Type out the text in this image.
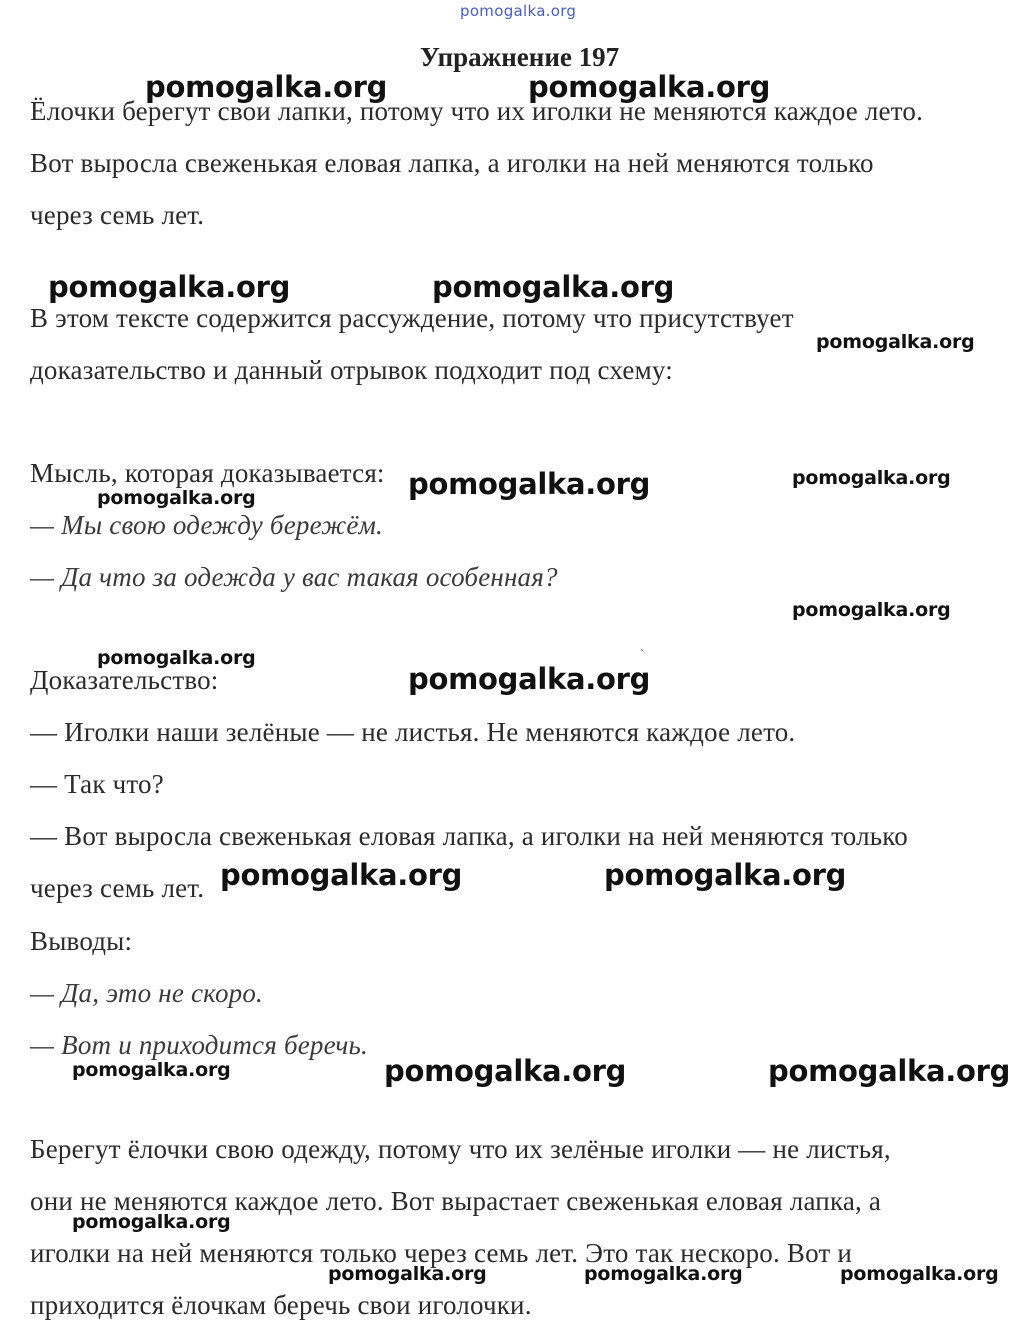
pomogalka.org
Упражнение 197
Ёлочки берегут свои лапки, потому что их иголки не меняются каждое лето.
Вот выросла свеженькая еловая лапка, а иголки на ней меняются только
через семь лет.
В этом тексте содержится рассуждение, потому что присутствует
доказательство и данный отрывок подходит под схему:
Мысль, которая доказывается:
— Мы свою одежду бережём.
— Да что за одежда у вас такая особенная?
Доказательство:
— Иголки наши зелёные –– не листья. Не меняются каждое лето.
— Так что?
— Вот выросла свеженькая еловая лапка, а иголки на ней меняются только
через семь лет.
Выводы:
— Да, это не скоро.
— Вот и приходится беречь.
Берегут ёлочки свою одежду, потому что их зелёные иголки — не листья,
они не меняются каждое лето. Вот вырастает свеженькая еловая лапка, а
иголки на ней меняются только через семь лет. Это так нескоро. Вот и
приходится ёлочкам беречь свои иголочки.
`
pomogalka.org	pomogalka.org
pomogalka.org	pomogalka.org
pomogalka.org
pomogalka.org
pomogalka.org	pomogalka.org
pomogalka.org	pomogalka.org
pomogalka.org
pomogalka.org
pomogalka.org
pomogalka.org
pomogalka.org
pomogalka.org
pomogalka.org
pomogalka.org	pomogalka.org	pomogalka.org
